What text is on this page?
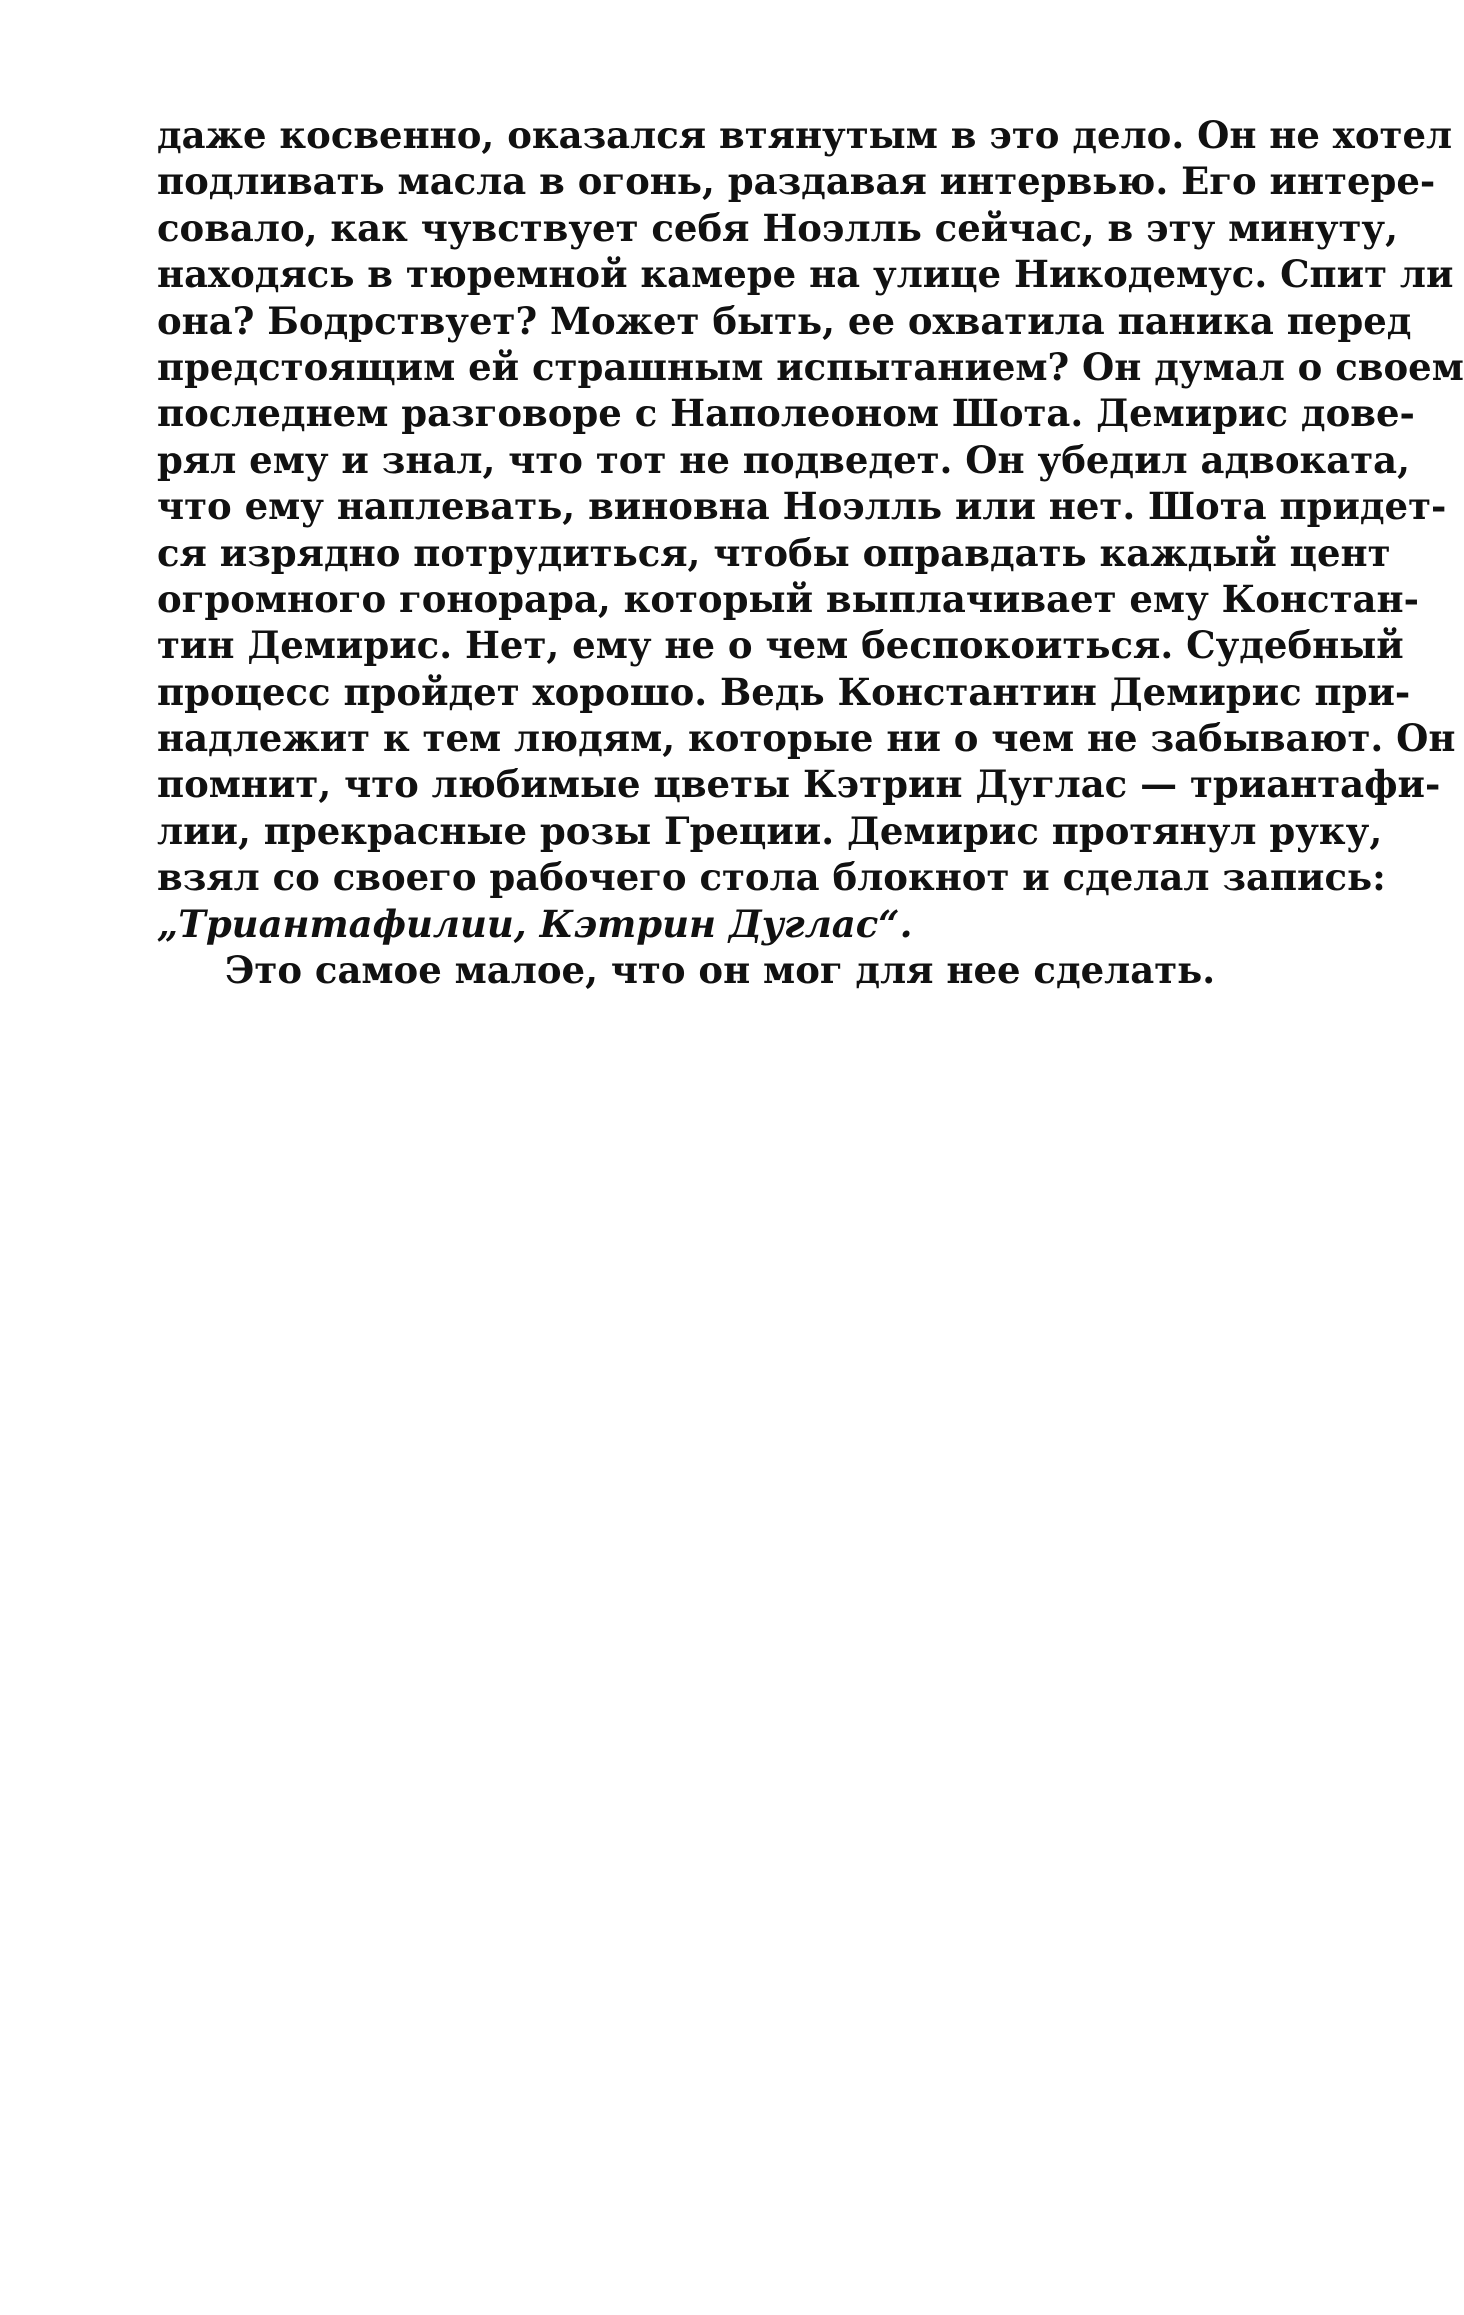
даже косвенно, оказался втянутым в это дело. Он не хотел
подливать масла в огонь, раздавая интервью. Его интере-
совало, как чувствует себя Ноэлль сейчас, в эту минуту,
находясь в тюремной камере на улице Никодемус. Спит ли
она? Бодрствует? Может быть, ее охватила паника перед
предстоящим ей страшным испытанием? Он думал о своем
последнем разговоре с Наполеоном Шота. Демирис дове-
рял ему и знал, что тот не подведет. Он убедил адвоката,
что ему наплевать, виновна Ноэлль или нет. Шота придет-
ся изрядно потрудиться, чтобы оправдать каждый цент
огромного гонорара, который выплачивает ему Констан-
тин Демирис. Нет, ему не о чем беспокоиться. Судебный
процесс пройдет хорошо. Ведь Константин Демирис при-
надлежит к тем людям, которые ни о чем не забывают. Он
помнит, что любимые цветы Кэтрин Дуглас — триантафи-
лии, прекрасные розы Греции. Демирис протянул руку,
взял со своего рабочего стола блокнот и сделал запись:
„Триантафилии, Кэтрин Дуглас“.
Это самое малое, что он мог для нее сделать.
